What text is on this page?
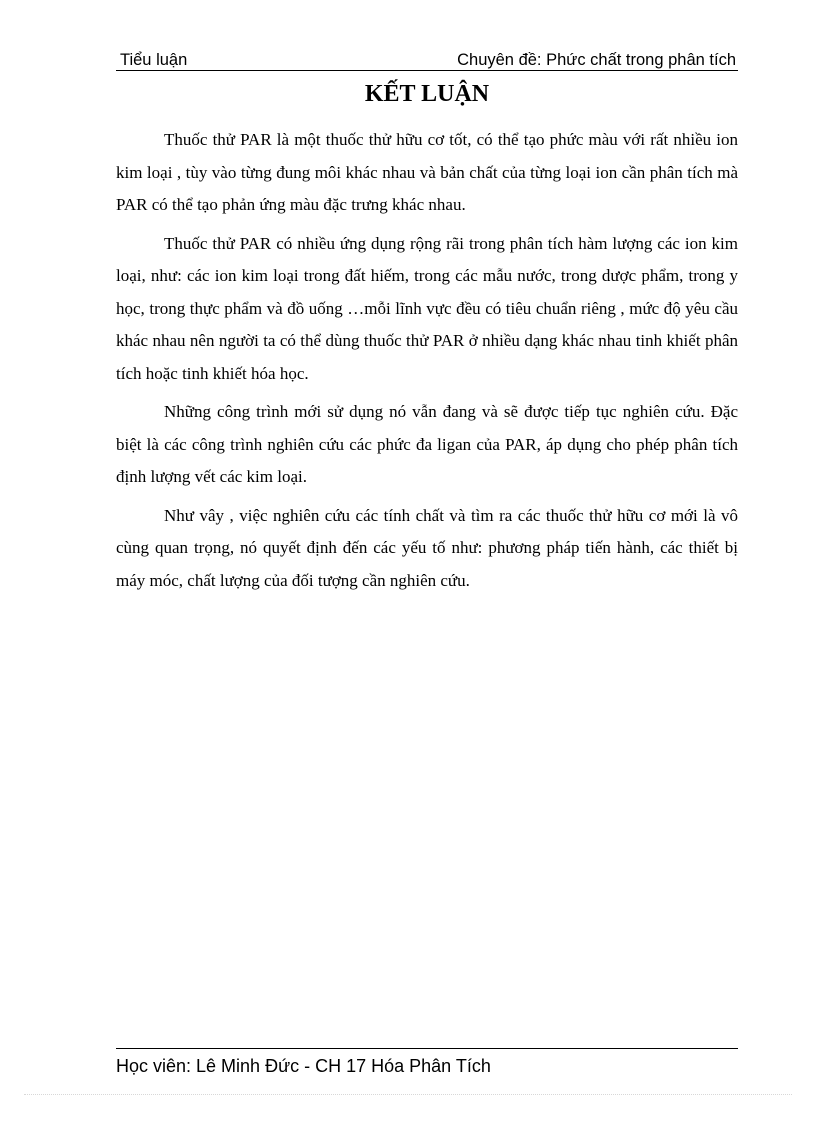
Tiểu luận	Chuyên đề: Phức chất trong phân tích
KẾT LUẬN

Thuốc thử PAR là một thuốc thử hữu cơ tốt, có thể tạo phức màu với rất nhiều ion kim loại , tùy vào từng đung môi khác nhau và bản chất của từng loại ion cần phân tích mà PAR có thể tạo phản ứng màu đặc trưng khác nhau.

Thuốc thử PAR có nhiều ứng dụng rộng rãi trong phân tích hàm lượng các ion kim loại, như: các ion kim loại trong đất hiếm, trong các mẫu nước, trong dược phẩm, trong y học, trong thực phẩm và đồ uống …mỗi lĩnh vực đều có tiêu chuẩn riêng , mức độ yêu cầu khác nhau nên người ta có thể dùng thuốc thử PAR ở nhiều dạng khác nhau tinh khiết phân tích hoặc tinh khiết hóa học.

Những công trình mới sử dụng nó vẫn đang và sẽ được tiếp tục nghiên cứu. Đặc biệt là các công trình nghiên cứu các phức đa ligan của PAR, áp dụng cho phép phân tích định lượng vết các kim loại.

Như vây , việc nghiên cứu các tính chất và tìm ra các thuốc thử hữu cơ mới là vô cùng quan trọng, nó quyết định đến các yếu tố như: phương pháp tiến hành, các thiết bị máy móc, chất lượng của đối tượng cần nghiên cứu.

Học viên: Lê Minh Đức - CH 17 Hóa Phân Tích
